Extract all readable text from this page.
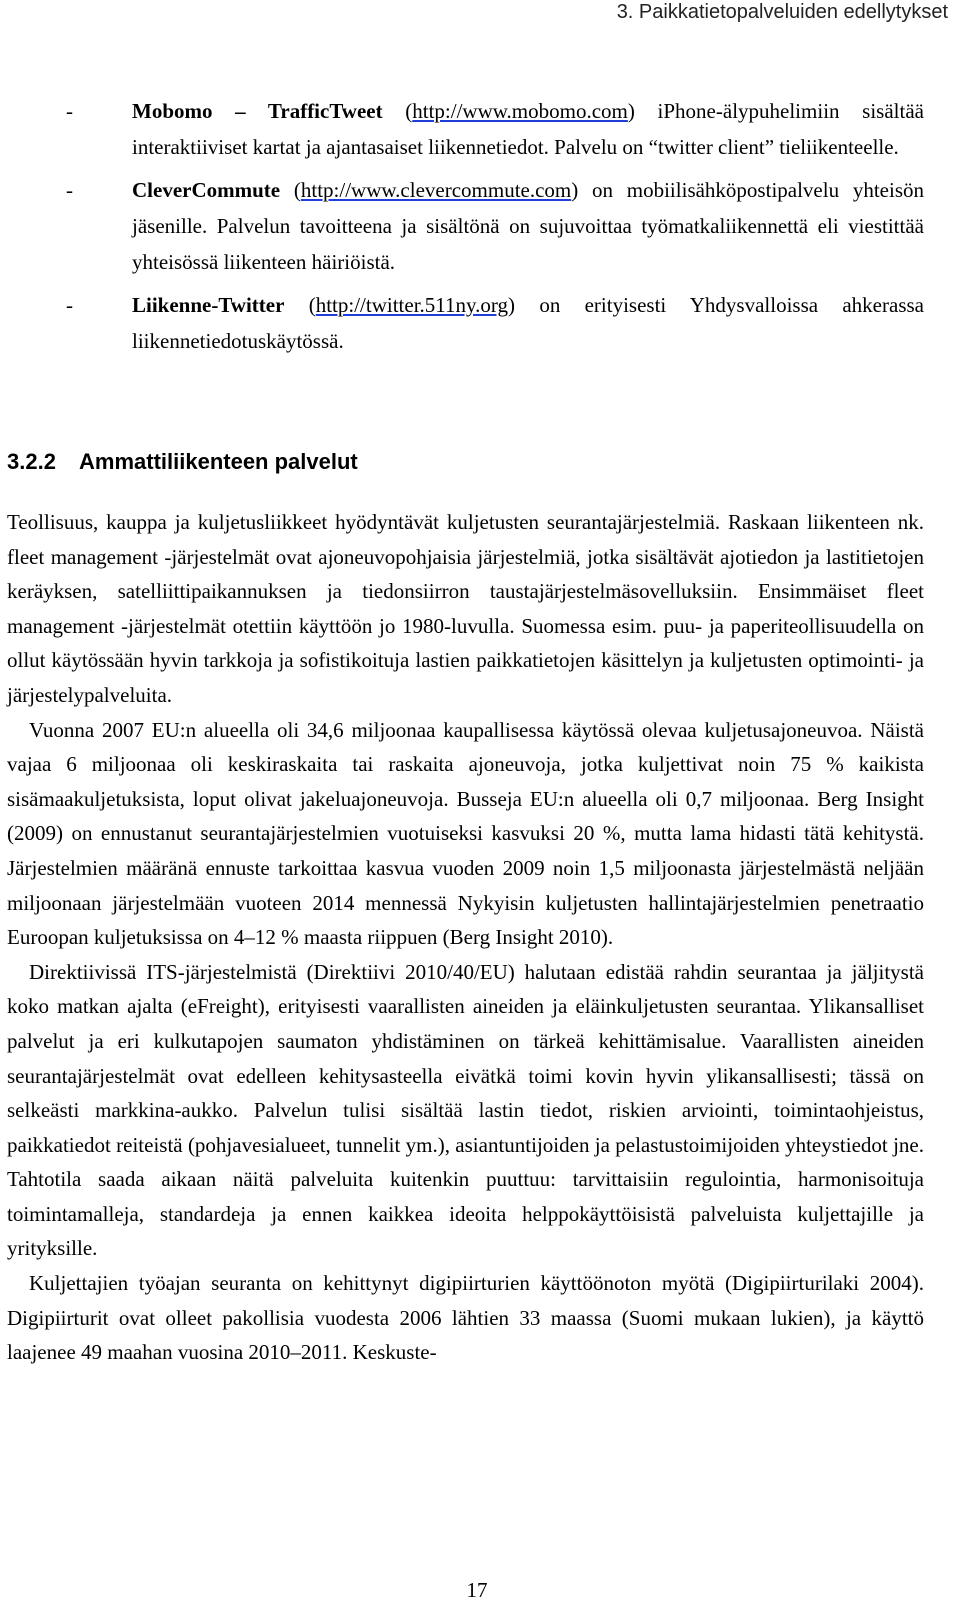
3. Paikkatietopalveluiden edellytykset
-	Mobomo – TrafficTweet (http://www.mobomo.com) iPhone-älypuhelimiin sisältää interaktiiviset kartat ja ajantasaiset liikennetiedot. Palvelu on “twitter client” tieliikenteelle.
-	CleverCommute (http://www.clevercommute.com) on mobiilisähköpostipalvelu yhteisön jäsenille. Palvelun tavoitteena ja sisältönä on sujuvoittaa työmatkaliikennettä eli viestittää yhteisössä liikenteen häiriöistä.
-	Liikenne-Twitter (http://twitter.511ny.org) on erityisesti Yhdysvalloissa ahkerassa liikennetiedotuskäytössä.
3.2.2 Ammattiliikenteen palvelut

Teollisuus, kauppa ja kuljetusliikkeet hyödyntävät kuljetusten seurantajärjestelmiä. Raskaan liikenteen nk. fleet management -järjestelmät ovat ajoneuvopohjaisia järjestelmiä, jotka sisältävät ajotiedon ja lastitietojen keräyksen, satelliittipaikannuksen ja tiedonsiirron taustajärjestelmäsovelluksiin. Ensimmäiset fleet management -järjestelmät otettiin käyttöön jo 1980-luvulla. Suomessa esim. puu- ja paperiteollisuudella on ollut käytössään hyvin tarkkoja ja sofistikoituja lastien paikkatietojen käsittelyn ja kuljetusten optimointi- ja järjestelypalveluita.

Vuonna 2007 EU:n alueella oli 34,6 miljoonaa kaupallisessa käytössä olevaa kuljetusajoneuvoa. Näistä vajaa 6 miljoonaa oli keskiraskaita tai raskaita ajoneuvoja, jotka kuljettivat noin 75 % kaikista sisämaakuljetuksista, loput olivat jakeluajoneuvoja. Busseja EU:n alueella oli 0,7 miljoonaa. Berg Insight (2009) on ennustanut seurantajärjestelmien vuotuiseksi kasvuksi 20 %, mutta lama hidasti tätä kehitystä. Järjestelmien määränä ennuste tarkoittaa kasvua vuoden 2009 noin 1,5 miljoonasta järjestelmästä neljään miljoonaan järjestelmään vuoteen 2014 mennessä Nykyisin kuljetusten hallintajärjestelmien penetraatio Euroopan kuljetuksissa on 4–12 % maasta riippuen (Berg Insight 2010).

Direktiivissä ITS-järjestelmistä (Direktiivi 2010/40/EU) halutaan edistää rahdin seurantaa ja jäljitystä koko matkan ajalta (eFreight), erityisesti vaarallisten aineiden ja eläinkuljetusten seurantaa. Ylikansalliset palvelut ja eri kulkutapojen saumaton yhdistäminen on tärkeä kehittämisalue. Vaarallisten aineiden seurantajärjestelmät ovat edelleen kehitysasteella eivätkä toimi kovin hyvin ylikansallisesti; tässä on selkeästi markkina-aukko. Palvelun tulisi sisältää lastin tiedot, riskien arviointi, toimintaohjeistus, paikkatiedot reiteistä (pohjavesialueet, tunnelit ym.), asiantuntijoiden ja pelastustoimijoiden yhteystiedot jne. Tahtotila saada aikaan näitä palveluita kuitenkin puuttuu: tarvittaisiin regulointia, harmonisoituja toimintamalleja, standardeja ja ennen kaikkea ideoita helppokäyttöisistä palveluista kuljettajille ja yrityksille.

Kuljettajien työajan seuranta on kehittynyt digipiirturien käyttöönoton myötä (Digipiirturilaki 2004). Digipiirturit ovat olleet pakollisia vuodesta 2006 lähtien 33 maassa (Suomi mukaan lukien), ja käyttö laajenee 49 maahan vuosina 2010–2011. Keskuste-

17
